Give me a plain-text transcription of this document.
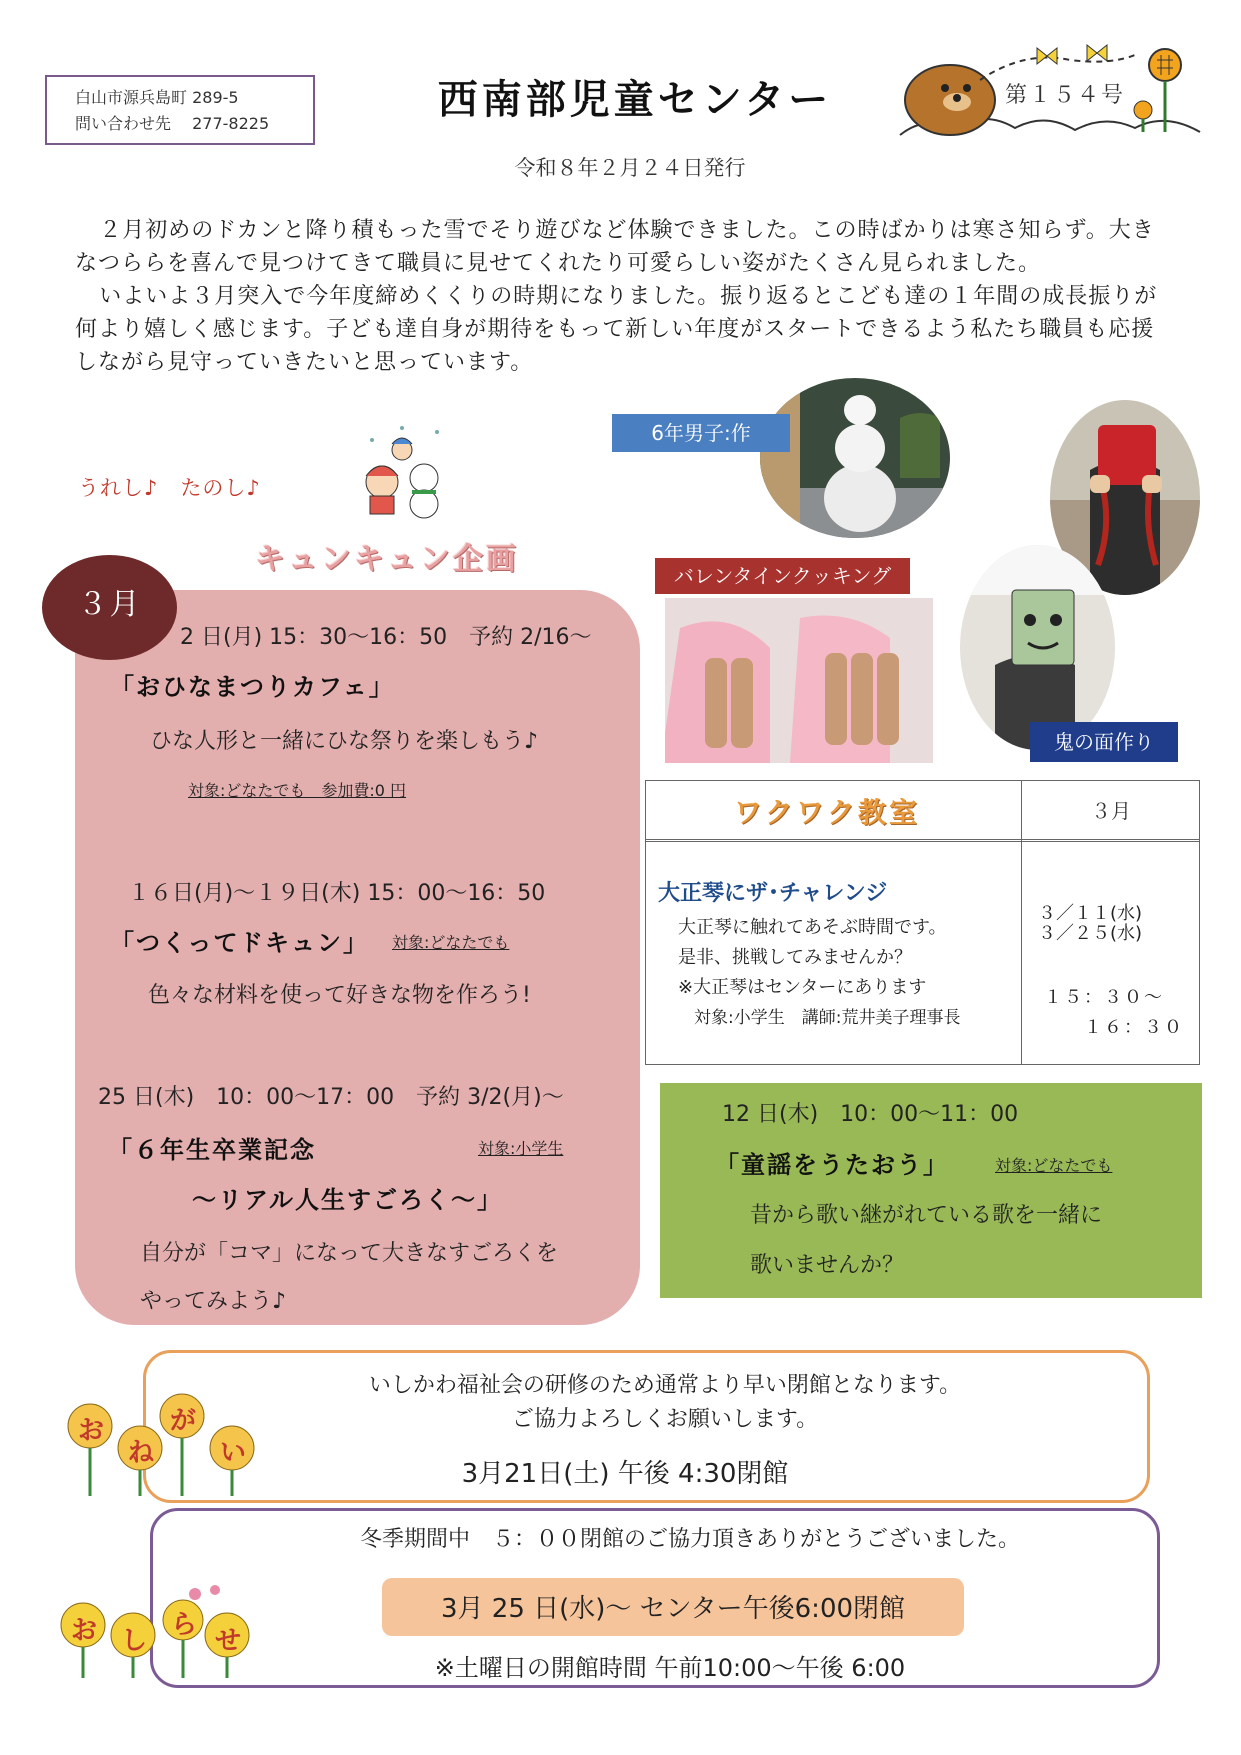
白山市源兵島町 289-5
問い合わせ先　 277-8225
西南部児童センター
令和８年２月２４日発行
第１５４号

２月初めのドカンと降り積もった雪でそり遊びなど体験できました。この時ばかりは寒さ知らず。大きなつららを喜んで見つけてきて職員に見せてくれたり可愛らしい姿がたくさん見られました。

いよいよ３月突入で今年度締めくくりの時期になりました。振り返るとこども達の１年間の成長振りが何より嬉しく感じます。子ども達自身が期待をもって新しい年度がスタートできるよう私たち職員も応援しながら見守っていきたいと思っています。

うれし♪　たのし♪
キュンキュン企画
３月
2 日(月) 15：30〜16：50　予約 2/16〜
「おひなまつりカフェ」
ひな人形と一緒にひな祭りを楽しもう♪
対象:どなたでも　参加費:0 円
１６日(月)〜１９日(木) 15：00〜16：50
「つくってドキュン」 対象:どなたでも
色々な材料を使って好きな物を作ろう!
25 日(木)　10：00〜17：00　予約 3/2(月)〜
「６年生卒業記念	対象:小学生
〜リアル人生すごろく〜」
自分が「コマ」になって大きなすごろくを
やってみよう♪
6年男子:作
バレンタインクッキング
鬼の面作り
ワクワク教室	３月
大正琴にザ･チャレンジ
大正琴に触れてあそぶ時間です。
是非、挑戦してみませんか？
※大正琴はセンターにあります
対象:小学生　講師:荒井美子理事長
３／１１(水)
３／２５(水)
１５：３０〜
１６：３０
12 日(木)　10：00〜11：00
「童謡をうたおう」	対象:どなたでも
昔から歌い継がれている歌を一緒に
歌いませんか？
いしかわ福祉会の研修のため通常より早い閉館となります。
ご協力よろしくお願いします。
3月21日(土) 午後 4:30閉館
お
ね
が
い
冬季期間中　５：００閉館のご協力頂きありがとうございました。
3月 25 日(水)〜 センター午後6:00閉館
※土曜日の開館時間 午前10:00〜午後 6:00
お し
ら
せ
